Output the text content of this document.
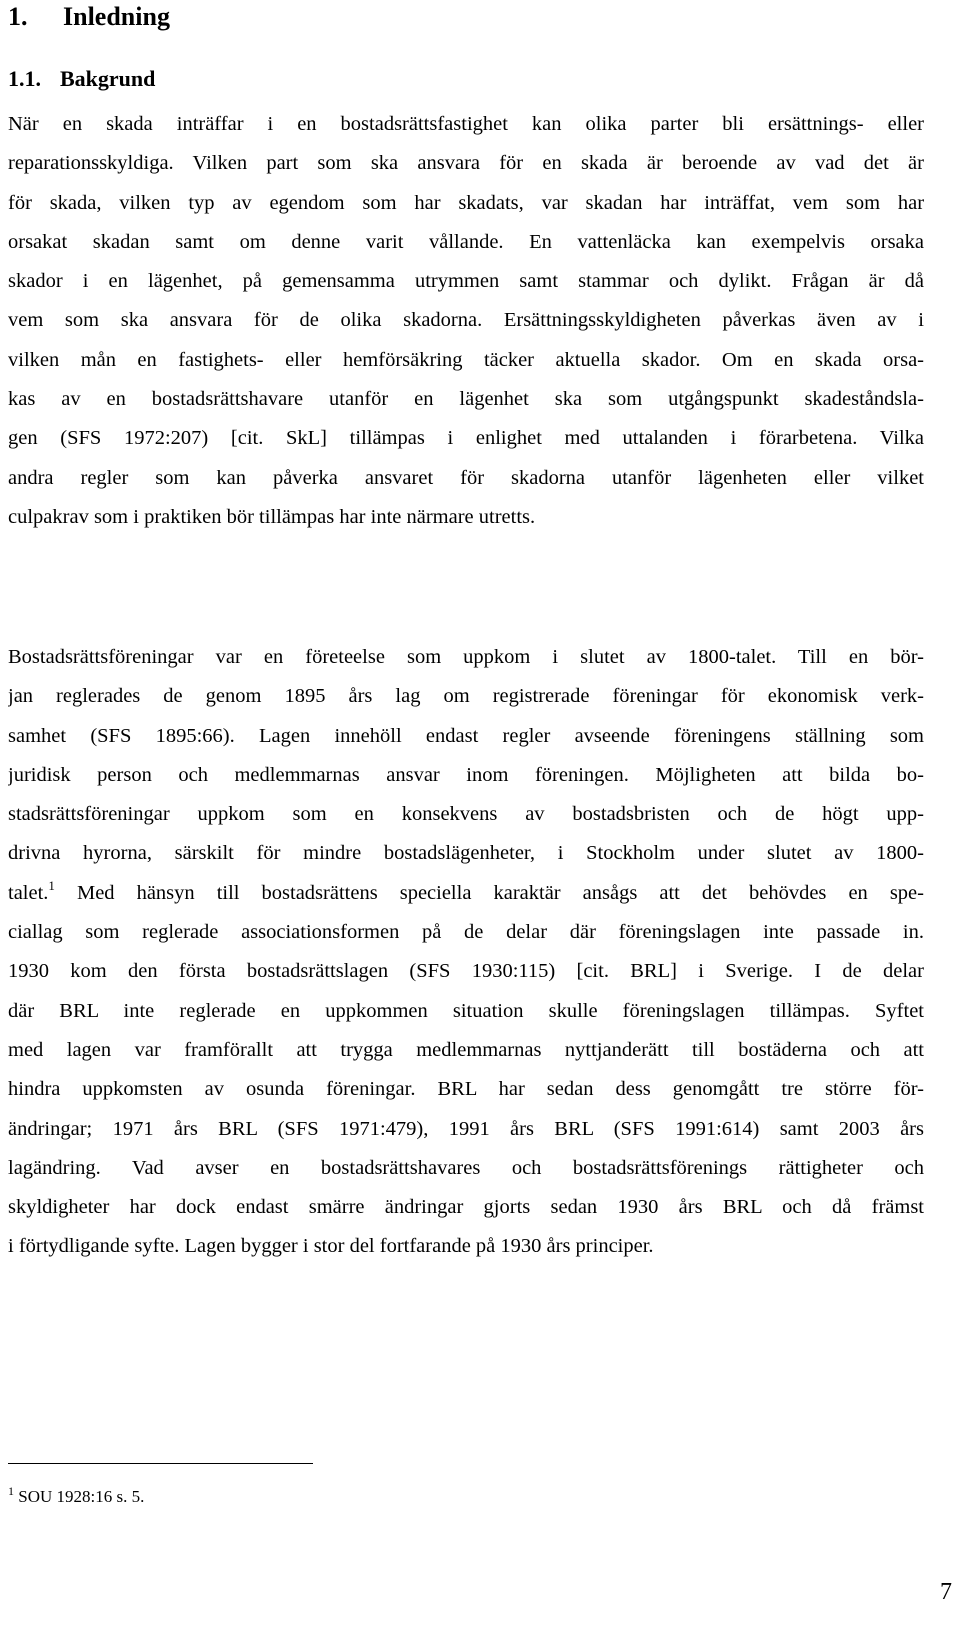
1. Inledning
1.1. Bakgrund
När en skada inträffar i en bostadsrättsfastighet kan olika parter bli ersättnings- eller
reparationsskyldiga. Vilken part som ska ansvara för en skada är beroende av vad det är
för skada, vilken typ av egendom som har skadats, var skadan har inträffat, vem som har
orsakat skadan samt om denne varit vållande. En vattenläcka kan exempelvis orsaka
skador i en lägenhet, på gemensamma utrymmen samt stammar och dylikt. Frågan är då
vem som ska ansvara för de olika skadorna. Ersättningsskyldigheten påverkas även av i
vilken mån en fastighets- eller hemförsäkring täcker aktuella skador. Om en skada orsa-
kas av en bostadsrättshavare utanför en lägenhet ska som utgångspunkt skadeståndsla-
gen (SFS 1972:207) [cit. SkL] tillämpas i enlighet med uttalanden i förarbetena. Vilka
andra regler som kan påverka ansvaret för skadorna utanför lägenheten eller vilket
culpakrav som i praktiken bör tillämpas har inte närmare utretts.
Bostadsrättsföreningar var en företeelse som uppkom i slutet av 1800-talet. Till en bör-
jan reglerades de genom 1895 års lag om registrerade föreningar för ekonomisk verk-
samhet (SFS 1895:66). Lagen innehöll endast regler avseende föreningens ställning som
juridisk person och medlemmarnas ansvar inom föreningen. Möjligheten att bilda bo-
stadsrättsföreningar uppkom som en konsekvens av bostadsbristen och de högt upp-
drivna hyrorna, särskilt för mindre bostadslägenheter, i Stockholm under slutet av 1800-
talet.$^1$ Med hänsyn till bostadsrättens speciella karaktär ansågs att det behövdes en spe-
ciallag som reglerade associationsformen på de delar där föreningslagen inte passade in.
1930 kom den första bostadsrättslagen (SFS 1930:115) [cit. BRL] i Sverige. I de delar
där BRL inte reglerade en uppkommen situation skulle föreningslagen tillämpas. Syftet
med lagen var framförallt att trygga medlemmarnas nyttjanderätt till bostäderna och att
hindra uppkomsten av osunda föreningar. BRL har sedan dess genomgått tre större för-
ändringar; 1971 års BRL (SFS 1971:479), 1991 års BRL (SFS 1991:614) samt 2003 års
lagändring. Vad avser en bostadsrättshavares och bostadsrättsförenings rättigheter och
skyldigheter har dock endast smärre ändringar gjorts sedan 1930 års BRL och då främst
i förtydligande syfte. Lagen bygger i stor del fortfarande på 1930 års principer.
$^1$ SOU 1928:16 s. 5.
7
